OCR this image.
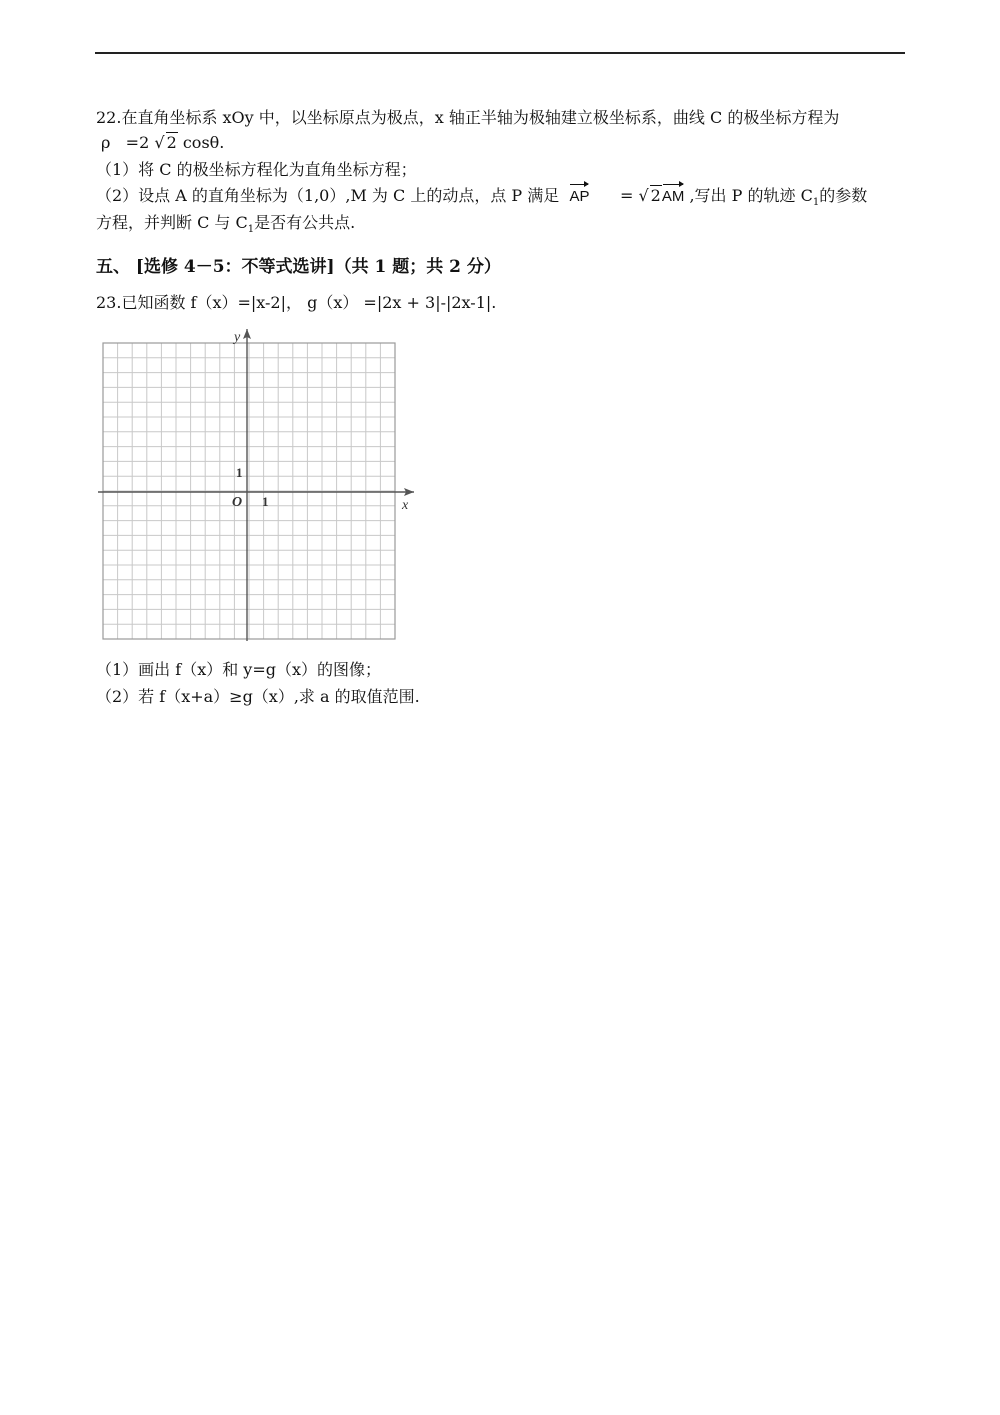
22.在直角坐标系 xOy 中，以坐标原点为极点，x 轴正半轴为极轴建立极坐标系，曲线 C 的极坐标方程为
ρ =2 √ 2 cosθ.
（1）将 C 的极坐标方程化为直角坐标方程；
（2）设点 A 的直角坐标为（1,0）,M 为 C 上的动点，点 P 满足 AP = √ 2AM ,写出 P 的轨迹 $C_1$的参数
方程，并判断 C 与 $C_1$是否有公共点.
五、 [选修 4－5：不等式选讲]（共 1 题；共 2 分）
23.已知函数 f（x）=|x-2|， g（x） =|2x + 3|-|2x-1|.
y
x
O 1
1
（1）画出 f（x）和 y=g（x）的图像；
（2）若 f（x+a）≥g（x）,求 a 的取值范围.
